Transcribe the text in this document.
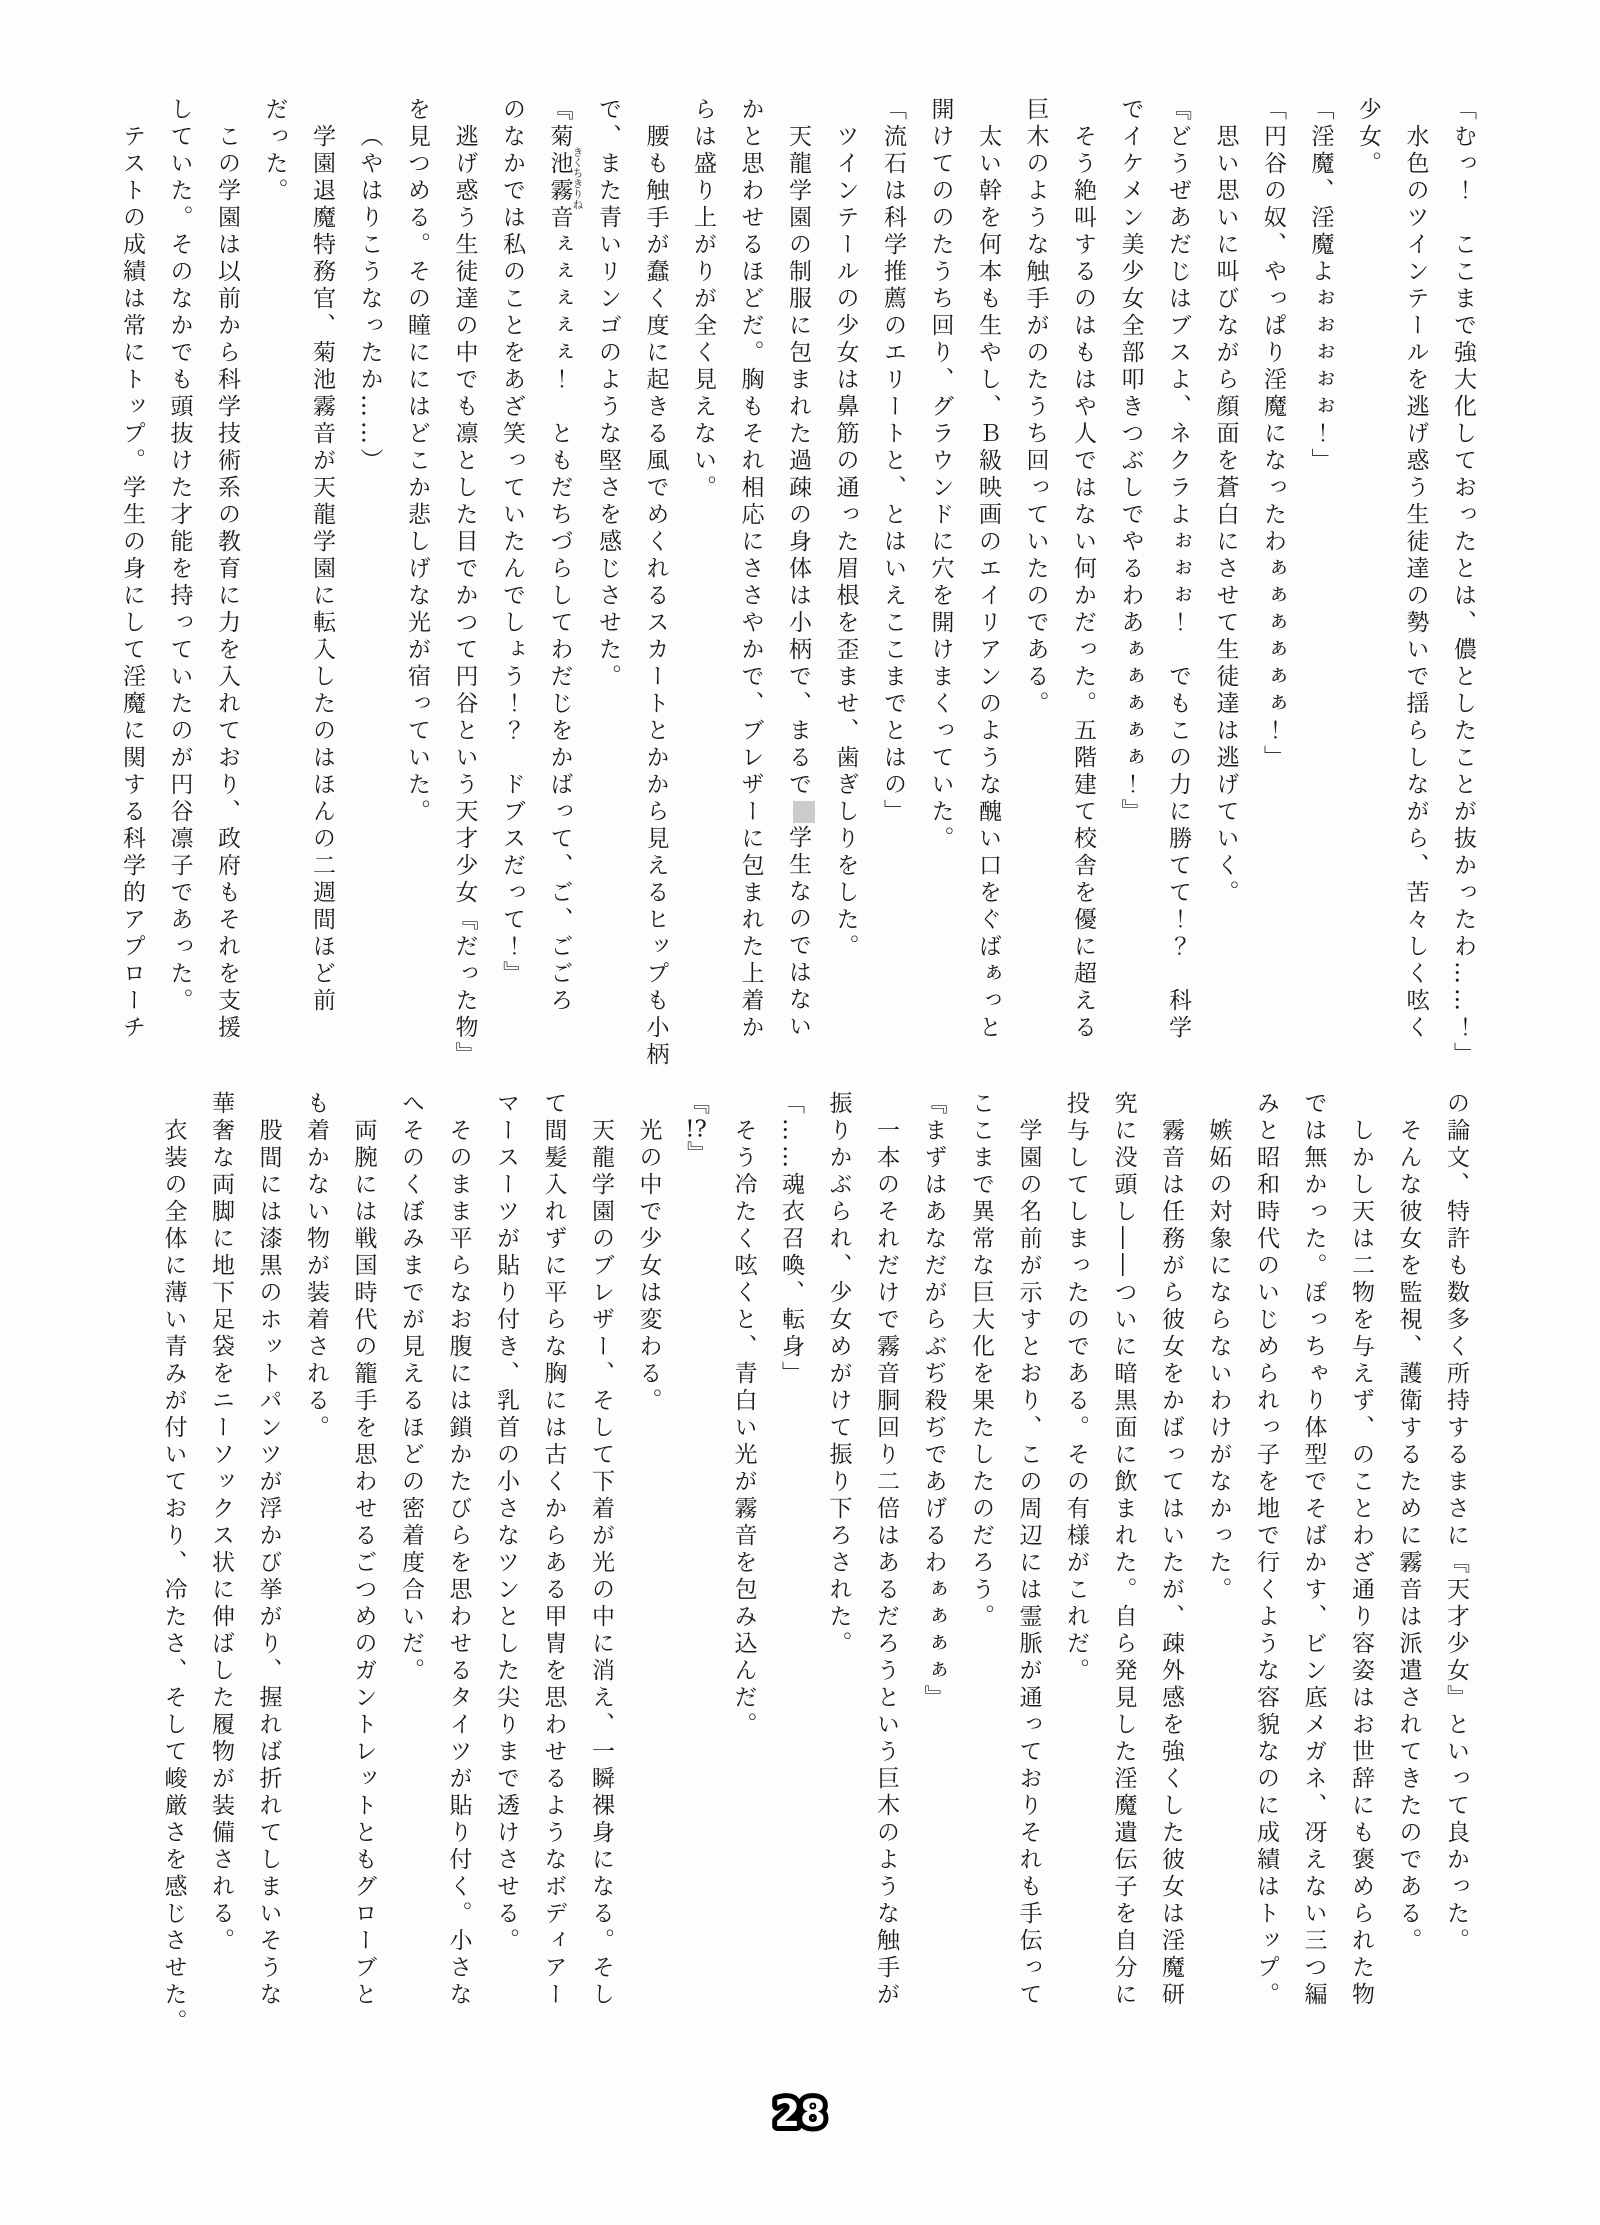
「むっ！　ここまで強大化しておったとは、儂としたことが抜かったわ……！」

水色のツインテールを逃げ惑う生徒達の勢いで揺らしながら、苦々しく呟く

少女。

「淫魔、淫魔よぉぉぉぉぉ！」

「円谷の奴、やっぱり淫魔になったわぁぁぁぁぁぁ！」

思い思いに叫びながら顔面を蒼白にさせて生徒達は逃げていく。

『どうぜあだじはブスよ、ネクラよぉぉぉ！　でもこの力に勝てて！？　科学

でイケメン美少女全部叩きつぶしでやるわあぁぁぁぁぁ！』

そう絶叫するのはもはや人ではない何かだった。五階建て校舎を優に超える

巨木のような触手がのたうち回っていたのである。

太い幹を何本も生やし、Ｂ級映画のエイリアンのような醜い口をぐばぁっと

開けてののたうち回り、グラウンドに穴を開けまくっていた。

「流石は科学推薦のエリートと、とはいえここまでとはの」

ツインテールの少女は鼻筋の通った眉根を歪ませ、歯ぎしりをした。

天龍学園の制服に包まれた過疎の身体は小柄で、まるで学生なのではない

かと思わせるほどだ。胸もそれ相応にささやかで、ブレザーに包まれた上着か

らは盛り上がりが全く見えない。

腰も触手が蠢く度に起きる風でめくれるスカートとかから見えるヒップも小柄

で、また青いリンゴのような堅さを感じさせた。

『菊池霧音 きくちきりねぇぇぇぇぇ！　ともだちづらしてわだじをかばって、ご、ごごろ

のなかでは私のことをあざ笑っていたんでしょう！？　ドブスだって！』

逃げ惑う生徒達の中でも凛とした目でかつて円谷という天才少女『だった物』

を見つめる。その瞳ににはどこか悲しげな光が宿っていた。

（やはりこうなったか……）

学園退魔特務官、菊池霧音が天龍学園に転入したのはほんの二週間ほど前

だった。

この学園は以前から科学技術系の教育に力を入れており、政府もそれを支援

していた。そのなかでも頭抜けた才能を持っていたのが円谷凛子であった。

テストの成績は常にトップ。学生の身にして淫魔に関する科学的アプローチ

の論文、特許も数多く所持するまさに『天才少女』といって良かった。

そんな彼女を監視、護衛するために霧音は派遣されてきたのである。

しかし天は二物を与えず、のことわざ通り容姿はお世辞にも褒められた物

では無かった。ぽっちゃり体型でそばかす、ビン底メガネ、冴えない三つ編

みと昭和時代のいじめられっ子を地で行くような容貌なのに成績はトップ。

嫉妬の対象にならないわけがなかった。

霧音は任務がら彼女をかばってはいたが、疎外感を強くした彼女は淫魔研

究に没頭し――ついに暗黒面に飲まれた。自ら発見した淫魔遺伝子を自分に

投与してしまったのである。その有様がこれだ。

学園の名前が示すとおり、この周辺には霊脈が通っておりそれも手伝って

ここまで異常な巨大化を果たしたのだろう。

『まずはあなだがらぶぢ殺ぢであげるわぁぁぁぁ』

一本のそれだけで霧音胴回り二倍はあるだろうという巨木のような触手が

振りかぶられ、少女めがけて振り下ろされた。

「……魂衣召喚、転身」

そう冷たく呟くと、青白い光が霧音を包み込んだ。

『!?』

光の中で少女は変わる。

天龍学園のブレザー、そして下着が光の中に消え、一瞬裸身になる。そし

て間髪入れずに平らな胸には古くからある甲冑を思わせるようなボディアー

マースーツが貼り付き、乳首の小さなツンとした尖りまで透けさせる。

そのまま平らなお腹には鎖かたびらを思わせるタイツが貼り付く。小さな

へそのくぼみまでが見えるほどの密着度合いだ。

両腕には戦国時代の籠手を思わせるごつめのガントレットともグローブと

も着かない物が装着される。

股間には漆黒のホットパンツが浮かび挙がり、握れば折れてしまいそうな

華奢な両脚に地下足袋をニーソックス状に伸ばした履物が装備される。

衣装の全体に薄い青みが付いており、冷たさ、そして峻厳さを感じさせた。

28
